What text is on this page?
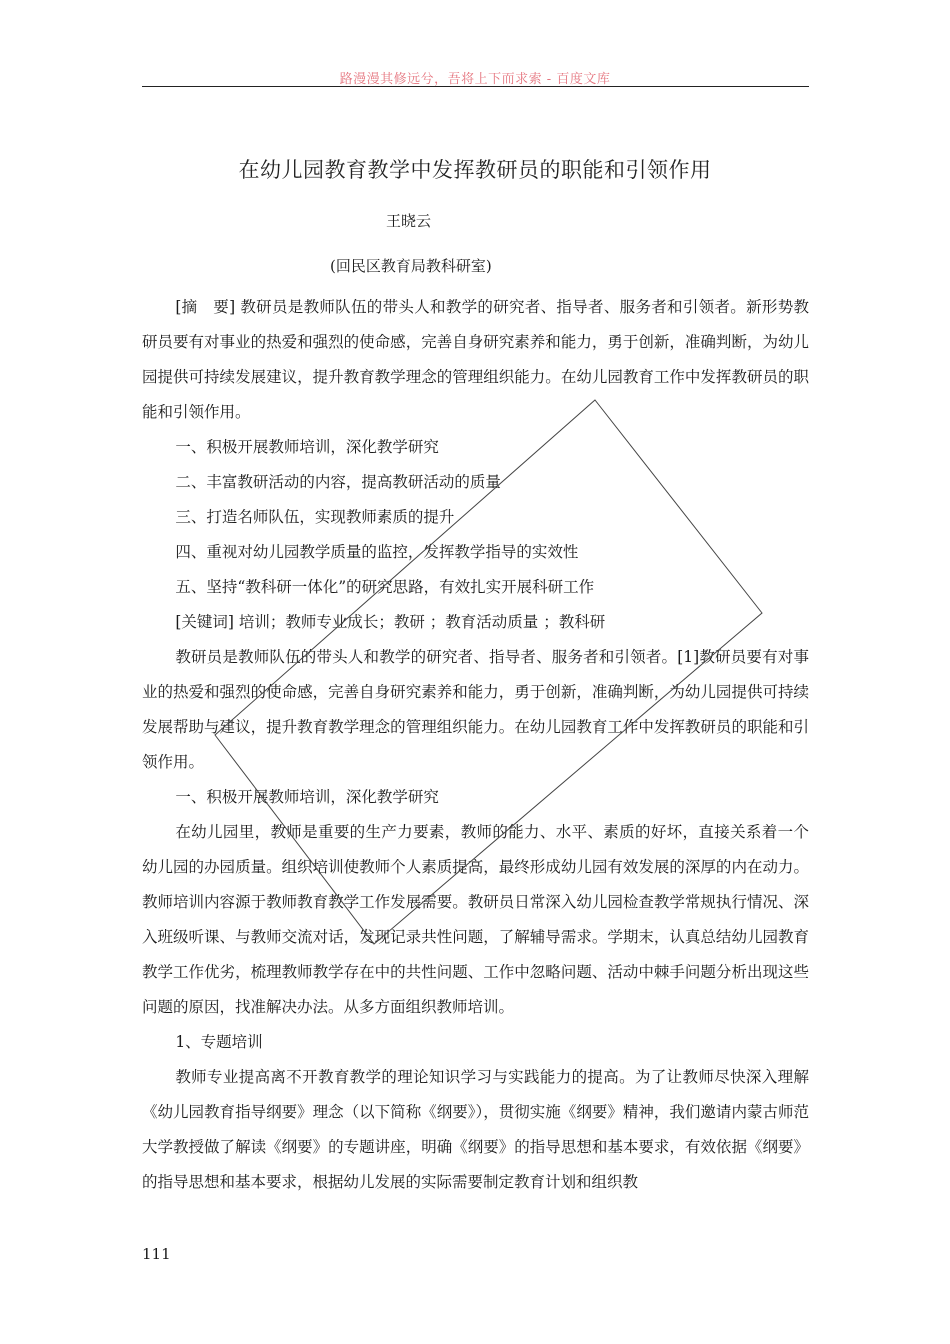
路漫漫其修远兮，吾将上下而求索 - 百度文库
在幼儿园教育教学中发挥教研员的职能和引领作用
王晓云
(回民区教育局教科研室)

[摘　要] 教研员是教师队伍的带头人和教学的研究者、指导者、服务者和引领者。新形势教研员要有对事业的热爱和强烈的使命感，完善自身研究素养和能力，勇于创新，准确判断，为幼儿园提供可持续发展建议，提升教育教学理念的管理组织能力。在幼儿园教育工作中发挥教研员的职能和引领作用。

一、积极开展教师培训，深化教学研究

二、丰富教研活动的内容，提高教研活动的质量

三、打造名师队伍，实现教师素质的提升

四、重视对幼儿园教学质量的监控，发挥教学指导的实效性

五、坚持“教科研一体化”的研究思路，有效扎实开展科研工作

[关键词] 培训；教师专业成长；教研 ；教育活动质量 ；教科研

教研员是教师队伍的带头人和教学的研究者、指导者、服务者和引领者。[1]教研员要有对事业的热爱和强烈的使命感，完善自身研究素养和能力，勇于创新，准确判断，为幼儿园提供可持续发展帮助与建议，提升教育教学理念的管理组织能力。在幼儿园教育工作中发挥教研员的职能和引领作用。

一、积极开展教师培训，深化教学研究

在幼儿园里，教师是重要的生产力要素，教师的能力、水平、素质的好坏，直接关系着一个幼儿园的办园质量。组织培训使教师个人素质提高，最终形成幼儿园有效发展的深厚的内在动力。 教师培训内容源于教师教育教学工作发展需要。教研员日常深入幼儿园检查教学常规执行情况、深入班级听课、与教师交流对话，发现记录共性问题，了解辅导需求。学期末，认真总结幼儿园教育教学工作优劣，梳理教师教学存在中的共性问题、工作中忽略问题、活动中棘手问题分析出现这些问题的原因，找准解决办法。从多方面组织教师培训。

1、专题培训

教师专业提高离不开教育教学的理论知识学习与实践能力的提高。为了让教师尽快深入理解《幼儿园教育指导纲要》理念（以下简称《纲要》），贯彻实施《纲要》精神，我们邀请内蒙古师范大学教授做了解读《纲要》的专题讲座，明确《纲要》的指导思想和基本要求，有效依据《纲要》的指导思想和基本要求，根据幼儿发展的实际需要制定教育计划和组织教

111
